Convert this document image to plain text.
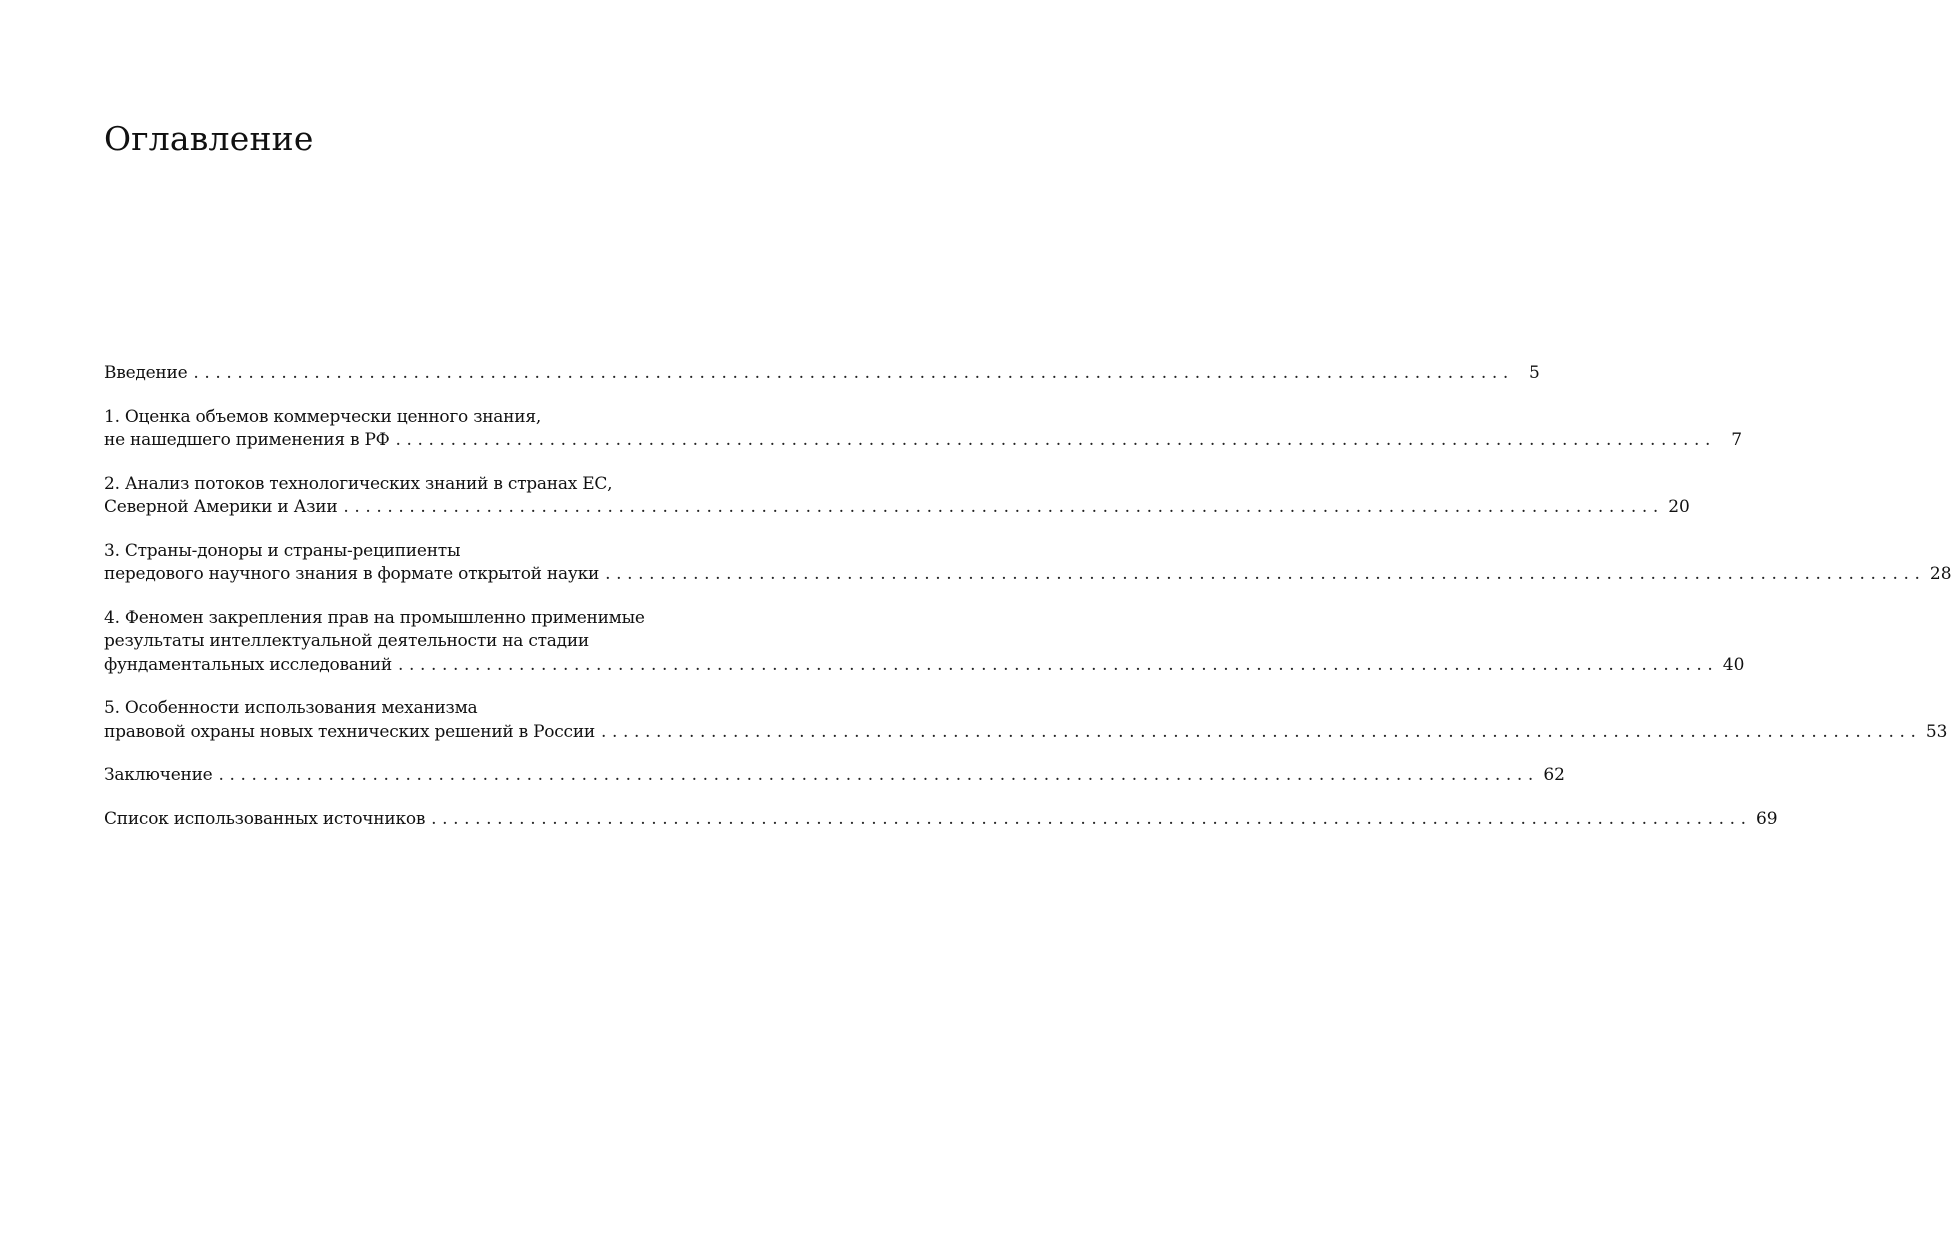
Оглавление
Введение ........................................................................................................................ 5
1. Оценка объемов коммерчески ценного знания,
не нашедшего применения в РФ ........................................................................................................................ 7
2. Анализ потоков технологических знаний в странах ЕС,
Северной Америки и Азии ........................................................................................................................ 20
3. Страны-доноры и страны-реципиенты
передового научного знания в формате открытой науки ........................................................................................................................ 28
4. Феномен закрепления прав на промышленно применимые
результаты интеллектуальной деятельности на стадии
фундаментальных исследований ........................................................................................................................ 40
5. Особенности использования механизма
правовой охраны новых технических решений в России ........................................................................................................................ 53
Заключение ........................................................................................................................ 62
Список использованных источников ........................................................................................................................ 69
